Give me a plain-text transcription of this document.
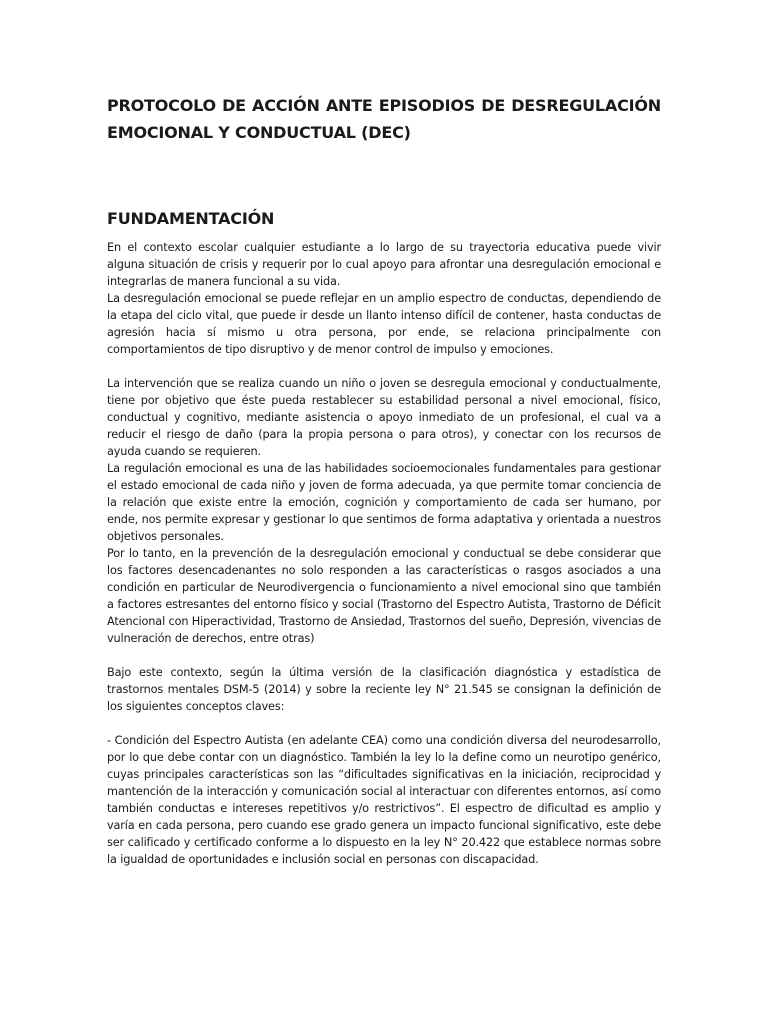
PROTOCOLO DE ACCIÓN ANTE EPISODIOS DE DESREGULACIÓN EMOCIONAL Y CONDUCTUAL (DEC)
FUNDAMENTACIÓN

En el contexto escolar cualquier estudiante a lo largo de su trayectoria educativa puede vivir alguna situación de crisis y requerir por lo cual apoyo para afrontar una desregulación emocional e integrarlas de manera funcional a su vida.

La desregulación emocional se puede reflejar en un amplio espectro de conductas, dependiendo de la etapa del ciclo vital, que puede ir desde un llanto intenso difícil de contener, hasta conductas de agresión hacia sí mismo u otra persona, por ende, se relaciona principalmente con comportamientos de tipo disruptivo y de menor control de impulso y emociones.

La intervención que se realiza cuando un niño o joven se desregula emocional y conductualmente, tiene por objetivo que éste pueda restablecer su estabilidad personal a nivel emocional, físico, conductual y cognitivo, mediante asistencia o apoyo inmediato de un profesional, el cual va a reducir el riesgo de daño (para la propia persona o para otros), y conectar con los recursos de ayuda cuando se requieren.

La regulación emocional es una de las habilidades socioemocionales fundamentales para gestionar el estado emocional de cada niño y joven de forma adecuada, ya que permite tomar conciencia de la relación que existe entre la emoción, cognición y comportamiento de cada ser humano, por ende, nos permite expresar y gestionar lo que sentimos de forma adaptativa y orientada a nuestros objetivos personales.

Por lo tanto, en la prevención de la desregulación emocional y conductual se debe considerar que los factores desencadenantes no solo responden a las características o rasgos asociados a una condición en particular de Neurodivergencia o funcionamiento a nivel emocional sino que también a factores estresantes del entorno físico y social (Trastorno del Espectro Autista, Trastorno de Déficit Atencional con Hiperactividad, Trastorno de Ansiedad, Trastornos del sueño, Depresión, vivencias de vulneración de derechos, entre otras)

Bajo este contexto, según la última versión de la clasificación diagnóstica y estadística de trastornos mentales DSM-5 (2014) y sobre la reciente ley N° 21.545 se consignan la definición de los siguientes conceptos claves:

- Condición del Espectro Autista (en adelante CEA) como una condición diversa del neurodesarrollo, por lo que debe contar con un diagnóstico. También la ley lo la define como un neurotipo genérico, cuyas principales características son las “dificultades significativas en la iniciación, reciprocidad y mantención de la interacción y comunicación social al interactuar con diferentes entornos, así como también conductas e intereses repetitivos y/o restrictivos”. El espectro de dificultad es amplio y varía en cada persona, pero cuando ese grado genera un impacto funcional significativo, este debe ser calificado y certificado conforme a lo dispuesto en la ley N° 20.422 que establece normas sobre la igualdad de oportunidades e inclusión social en personas con discapacidad.
